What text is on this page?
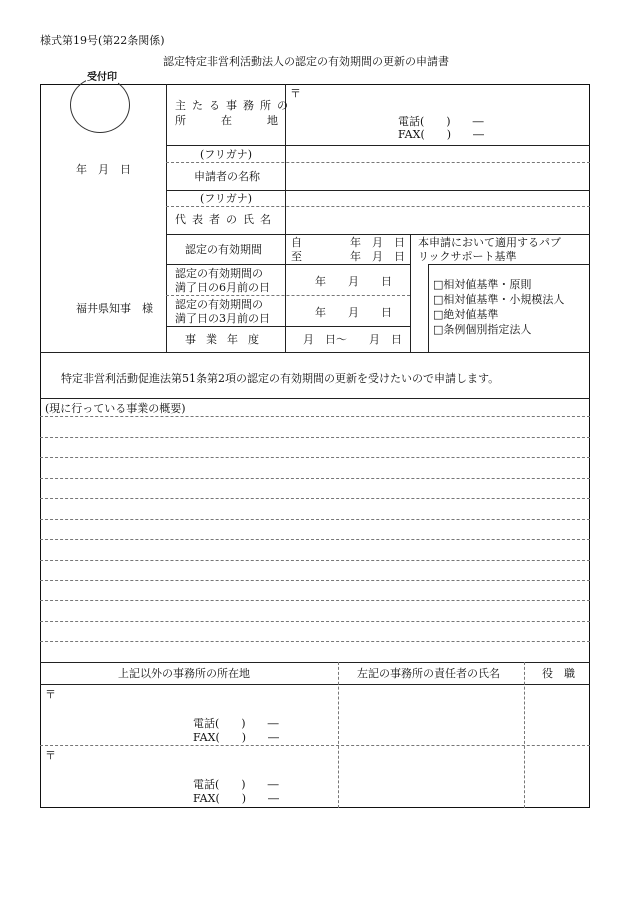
様式第19号(第22条関係)
認定特定非営利活動法人の認定の有効期間の更新の申請書
受付印
年　月　日
福井県知事　様
主たる事務所の
所	在	地
〒
電話(　　)　　―
FAX(　　)　　―
(フリガナ)
申請者の名称
(フリガナ)
代表者の氏名
認定の有効期間
自	年　月　日
至	年　月　日
認定の有効期間の
満了日の6月前の日	年　　月　　日
認定の有効期間の
満了日の3月前の日	年　　月　　日
事業年度	月　日～　　月　日
本申請において適用するパブ
リックサポート基準
□相対値基準・原則
□相対値基準・小規模法人
□絶対値基準
□条例個別指定法人
特定非営利活動促進法第51条第2項の認定の有効期間の更新を受けたいので申請します。
(現に行っている事業の概要)
上記以外の事務所の所在地	左記の事務所の責任者の氏名	役　職
〒
電話(　　)　　―
FAX(　　)　　―
〒
電話(　　)　　―
FAX(　　)　　―
